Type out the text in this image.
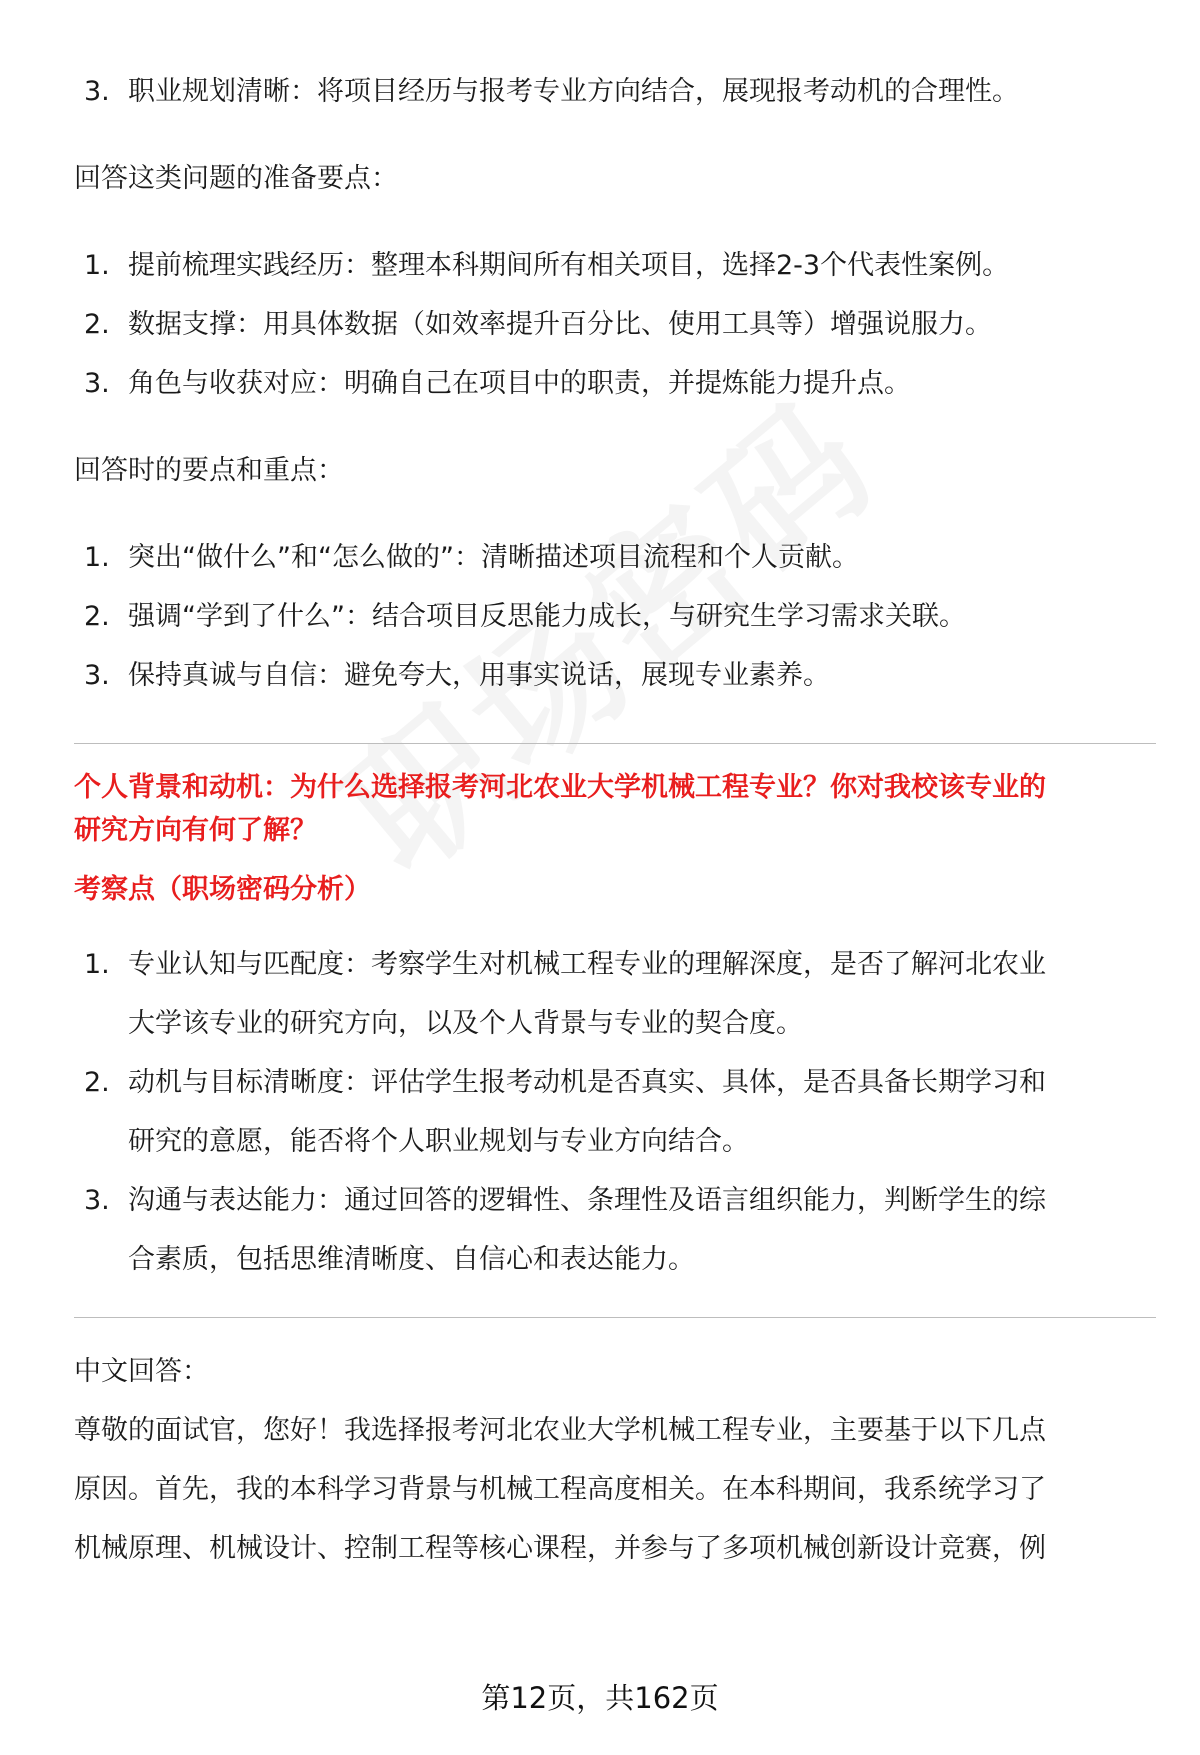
3. 职业规划清晰：将项目经历与报考专业方向结合，展现报考动机的合理性。

回答这类问题的准备要点：

1. 提前梳理实践经历：整理本科期间所有相关项目，选择2-3个代表性案例。
2. 数据支撑：用具体数据（如效率提升百分比、使用工具等）增强说服力。
3. 角色与收获对应：明确自己在项目中的职责，并提炼能力提升点。

回答时的要点和重点：

1. 突出“做什么”和“怎么做的”：清晰描述项目流程和个人贡献。
2. 强调“学到了什么”：结合项目反思能力成长，与研究生学习需求关联。
3. 保持真诚与自信：避免夸大，用事实说话，展现专业素养。

个人背景和动机：为什么选择报考河北农业大学机械工程专业？你对我校该专业的
研究方向有何了解？

考察点（职场密码分析）

1. 专业认知与匹配度：考察学生对机械工程专业的理解深度，是否了解河北农业
大学该专业的研究方向，以及个人背景与专业的契合度。
2. 动机与目标清晰度：评估学生报考动机是否真实、具体，是否具备长期学习和
研究的意愿，能否将个人职业规划与专业方向结合。
3. 沟通与表达能力：通过回答的逻辑性、条理性及语言组织能力，判断学生的综
合素质，包括思维清晰度、自信心和表达能力。

中文回答：

尊敬的面试官，您好！我选择报考河北农业大学机械工程专业，主要基于以下几点

原因。首先，我的本科学习背景与机械工程高度相关。在本科期间，我系统学习了

机械原理、机械设计、控制工程等核心课程，并参与了多项机械创新设计竞赛，例

第12页，共162页
